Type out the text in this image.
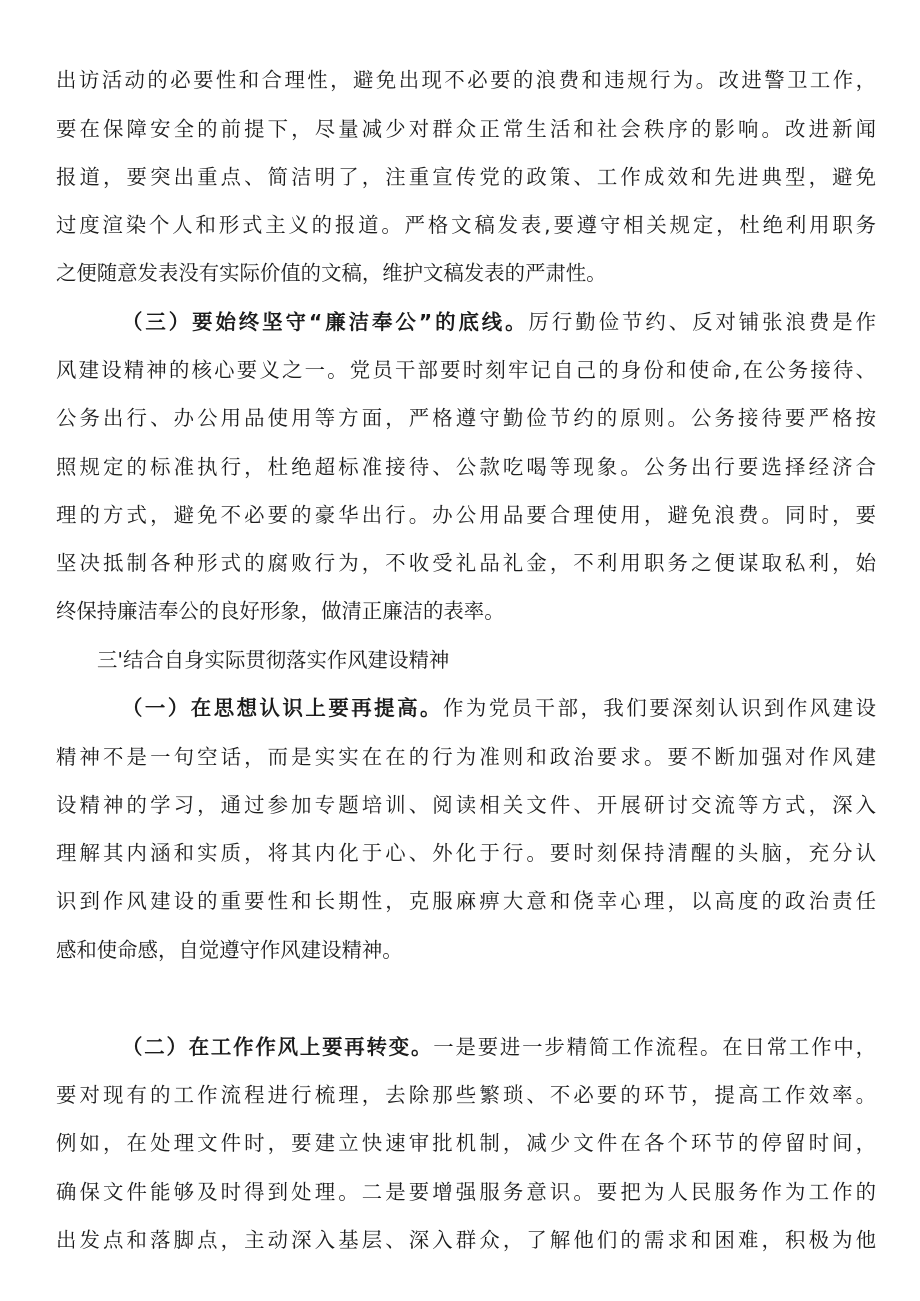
出访活动的必要性和合理性，避免出现不必要的浪费和违规行为。改进警卫工作，
要在保障安全的前提下，尽量减少对群众正常生活和社会秩序的影响。改进新闻
报道，要突出重点、简洁明了，注重宣传党的政策、工作成效和先进典型，避免
过度渲染个人和形式主义的报道。严格文稿发表,要遵守相关规定，杜绝利用职务
之便随意发表没有实际价值的文稿，维护文稿发表的严肃性。
（三）要始终坚守“廉洁奉公”的底线。厉行勤俭节约、反对铺张浪费是作
风建设精神的核心要义之一。党员干部要时刻牢记自己的身份和使命,在公务接待、
公务出行、办公用品使用等方面，严格遵守勤俭节约的原则。公务接待要严格按
照规定的标准执行，杜绝超标准接待、公款吃喝等现象。公务出行要选择经济合
理的方式，避免不必要的豪华出行。办公用品要合理使用，避免浪费。同时，要
坚决抵制各种形式的腐败行为，不收受礼品礼金，不利用职务之便谋取私利，始
终保持廉洁奉公的良好形象，做清正廉洁的表率。
三'结合自身实际贯彻落实作风建设精神
（一）在思想认识上要再提高。作为党员干部，我们要深刻认识到作风建设
精神不是一句空话，而是实实在在的行为准则和政治要求。要不断加强对作风建
设精神的学习，通过参加专题培训、阅读相关文件、开展研讨交流等方式，深入
理解其内涵和实质，将其内化于心、外化于行。要时刻保持清醒的头脑，充分认
识到作风建设的重要性和长期性，克服麻痹大意和侥幸心理，以高度的政治责任
感和使命感，自觉遵守作风建设精神。
（二）在工作作风上要再转变。一是要进一步精简工作流程。在日常工作中，
要对现有的工作流程进行梳理，去除那些繁琐、不必要的环节，提高工作效率。
例如，在处理文件时，要建立快速审批机制，减少文件在各个环节的停留时间，
确保文件能够及时得到处理。二是要增强服务意识。要把为人民服务作为工作的
出发点和落脚点，主动深入基层、深入群众，了解他们的需求和困难，积极为他
